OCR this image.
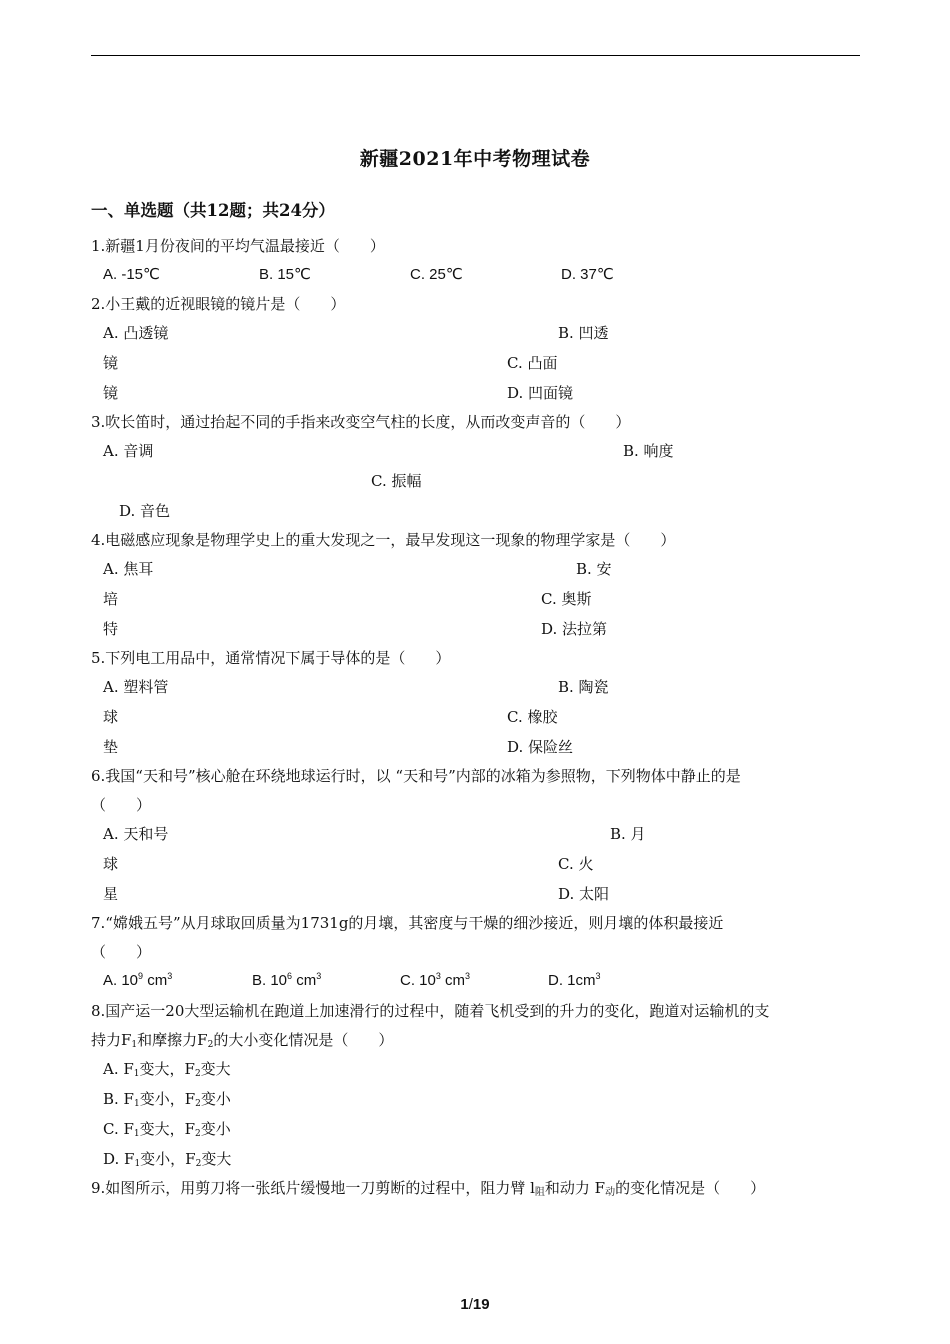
新疆2021年中考物理试卷
一、单选题（共12题；共24分）
1.新疆1月份夜间的平均气温最接近（　　）
A. -15℃	B. 15℃	C. 25℃	D. 37℃
2.小王戴的近视眼镜的镜片是（　　）
A. 凸透镜	B. 凹透
镜	C. 凸面
镜	D. 凹面镜
3.吹长笛时，通过抬起不同的手指来改变空气柱的长度，从而改变声音的（　　）
A. 音调	B. 响度
C. 振幅
D. 音色
4.电磁感应现象是物理学史上的重大发现之一，最早发现这一现象的物理学家是（　　）
A. 焦耳	B. 安
培	C. 奥斯
特	D. 法拉第
5.下列电工用品中，通常情况下属于导体的是（　　）
A. 塑料管	B. 陶瓷
球	C. 橡胶
垫	D. 保险丝
6.我国“天和号”核心舱在环绕地球运行时，以 “天和号”内部的冰箱为参照物，下列物体中静止的是
（　　）
A. 天和号	B. 月
球	C. 火
星	D. 太阳
7.“嫦娥五号”从月球取回质量为1731g的月壤，其密度与干燥的细沙接近，则月壤的体积最接近
（　　）
A. $10^9$ $cm^3$	B. $10^6$ $cm^3$	C. $10^3$ $cm^3$	D. $1cm^3$
8.国产运一20大型运输机在跑道上加速滑行的过程中，随着飞机受到的升力的变化，跑道对运输机的支
持力$F_1$和摩擦力$F_2$的大小变化情况是（　　）
A. $F_1$变大，$F_2$变大
B. $F_1$变小，$F_2$变小
C. $F_1$变大，$F_2$变小
D. $F_1$变小，$F_2$变大
9.如图所示，用剪刀将一张纸片缓慢地一刀剪断的过程中，阻力臂 $l_阻$和动力 $F_动$的变化情况是（　　）
1/19
